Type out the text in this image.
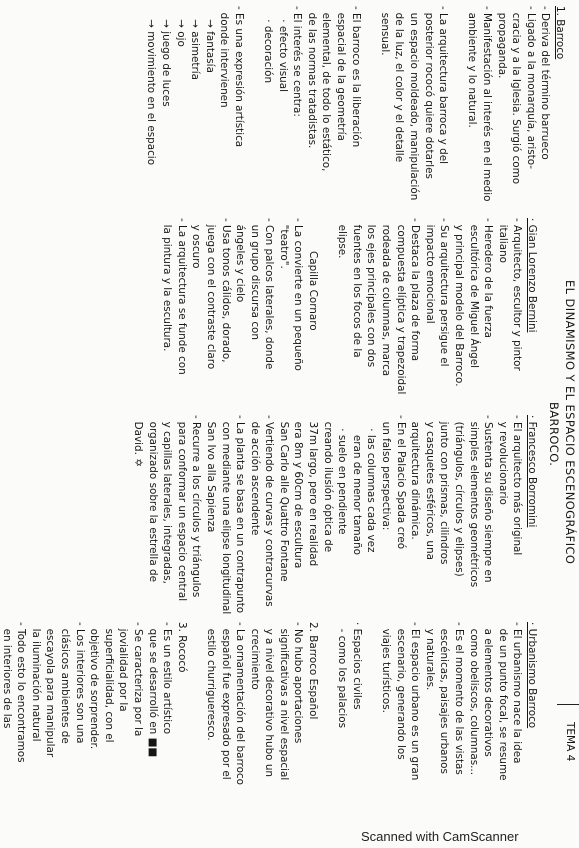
EL DINAMISMO Y EL ESPACIO ESCENOGRÁFICO
BARROCO.
TEMA 4

1. Barroco

- Deriva del término barrueco

- Ligado a la monarquía, aristo-

cracia y a la Iglesia. Surgió como

propaganda.

- Manifestación al interés en el medio

ambiente y lo natural.

- La arquitectura barroca y del

posterior rococó quiere dotarles

un espacio moldeado, manipulación

de la luz, el color y el detalle

sensual.

- El barroco es la liberación

espacial de la geometría

elemental, de todo lo estático,

de las normas tratadistas.

- El interés se centra:

· efecto visual

· decoración

- Es una expresión artística

donde intervienen

→ fantasía

→ asimetría

→ ojo

→ juego de luces

→ movimiento en el espacio

· Gian Lorenzo Bernini

- Arquitecto, escultor y pintor

italiano

- Heredero de la fuerza

escultórica de Miguel Ángel

y principal modelo del Barroco.

- Su arquitectura persigue el

impacto emocional

- Destaca la plaza de forma

compuesta elíptica y trapezoidal

rodeada de columnas, marca

los ejes principales con dos

fuentes en los focos de la

elipse.

Capilla Cornaro

- La convierte en un pequeño

"teatro".

- Con palcos laterales, donde

un grupo discursa con

ángeles y cielo

- Usa tonos cálidos, dorado,

juega con el contraste claro

y oscuro

- La arquitectura se funde con

la pintura y la escultura.

· Francesco Borromini

- El arquitecto más original

y revolucionario

- Sustenta su diseño siempre en

simples elementos geométricos

(triángulos, círculos y elipses)

junto con prismas, cilindros

y casquetes esféricos, una

arquitectura dinámica.

- En el Palacio Spada creó

un falso perspectiva:

· las columnas cada vez

eran de menor tamaño

· suelo en pendiente

creando ilusión óptica de

37m largo, pero en realidad

era 8m y 60cm de escultura

San Carlo alle Quattro Fontane

- Vertiendo de curvas y contracurvas

de acción ascendente

- La planta se basa en un contrapunto

con mediante una elipse longitudinal

San Ivo alla Sapienza

- Recurre a los círculos y triángulos

para conformar un espacio central

y capillas laterales, integradas,

organizado sobre la estrella de

David. ✡

· Urbanismo Barroco

- El urbanismo nace la idea

de un punto focal, se resume

a elementos decorativos

como obeliscos, columnas...

- Es el momento de las vistas

escénicas, paisajes urbanos

y naturales.

- El espacio urbano es un gran

escenario, generando los

viajes turísticos.

· Espacios civiles

- como los palacios

2. Barroco Español

- No hubo aportaciones

significativas a nivel espacial

y a nivel decorativo hubo un

crecimiento

- La ornamentación del barroco

español fue expresado por el

estilo churrigueresco.

3. Rococó

- Es un estilo artístico

que se desarrolló en ■■

- Se caracteriza por la

jovialidad por la

superficialidad, con el

objetivo de sorprender.

- Los interiores son una

clásicos ambientes de

escayola para manipular

la iluminación natural

- Todo esto lo encontramos

en interiores de las

Scanned with CamScanner
